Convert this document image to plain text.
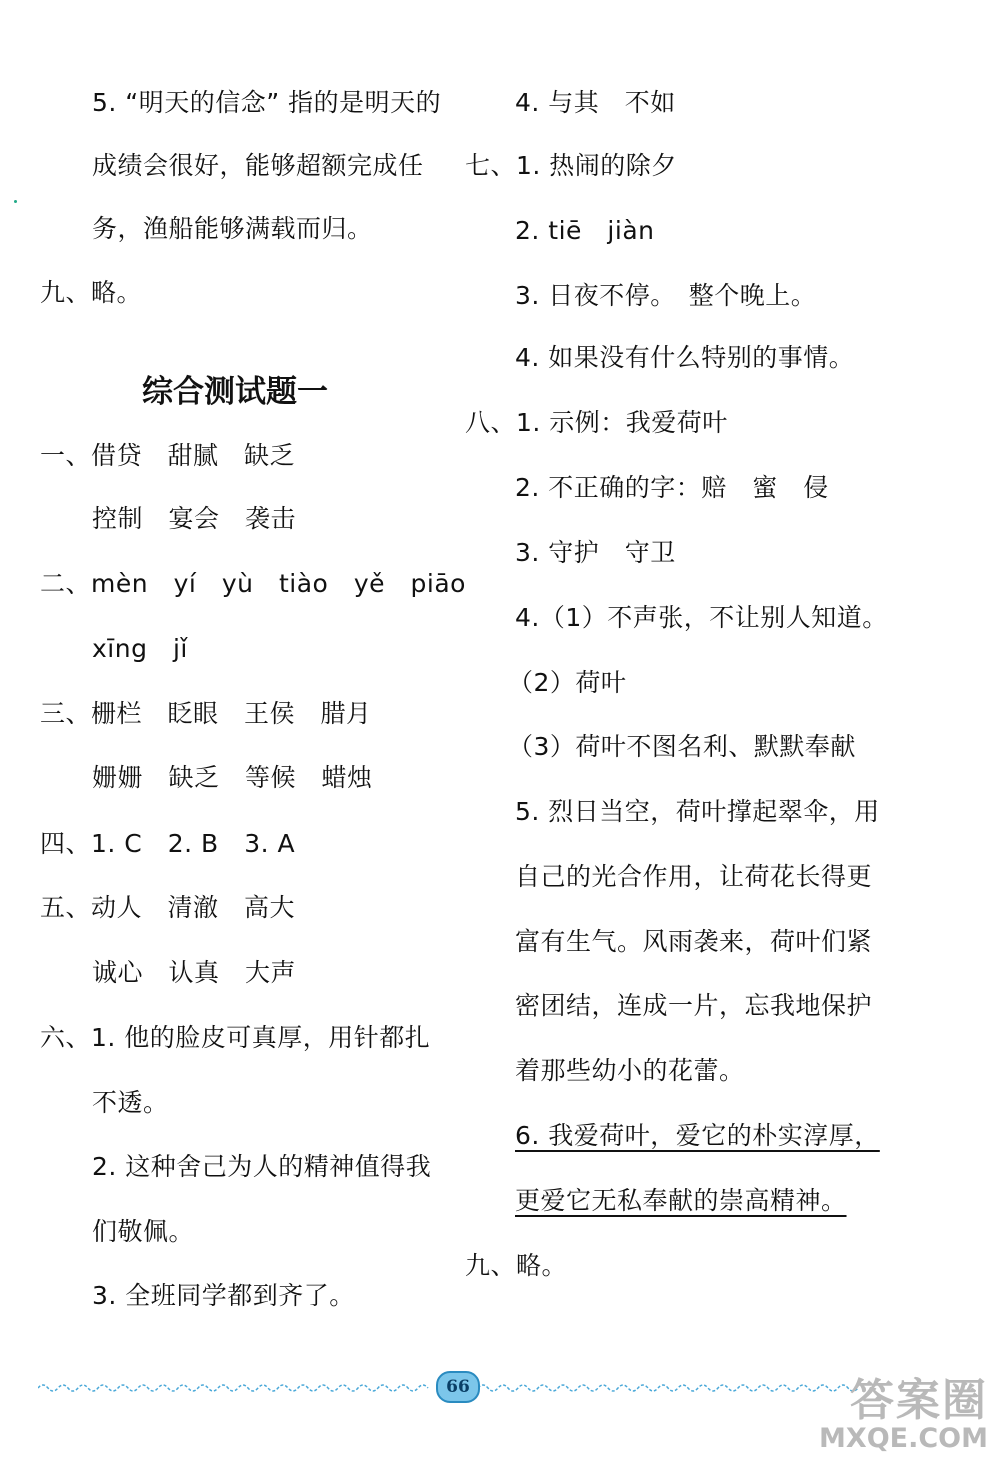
5. “明天的信念” 指的是明天的
成绩会很好，能够超额完成任
务，渔船能够满载而归。
九、略。
综合测试题一
一、借贷　甜腻　缺乏
控制　宴会　袭击
二、mèn　yí　yù　tiào　yě　piāo
xīng　jǐ
三、栅栏　眨眼　王侯　腊月
姗姗　缺乏　等候　蜡烛
四、1. C　2. B　3. A
五、动人　清澈　高大
诚心　认真　大声
六、1. 他的脸皮可真厚，用针都扎
不透。
2. 这种舍己为人的精神值得我
们敬佩。
3. 全班同学都到齐了。
4. 与其　不如
七、1. 热闹的除夕
2. tiē　jiàn
3. 日夜不停。　整个晚上。
4. 如果没有什么特别的事情。
八、1. 示例：我爱荷叶
2. 不正确的字：赔　蜜　侵
3. 守护　守卫
4.（1）不声张，不让别人知道。
（2）荷叶
（3）荷叶不图名利、默默奉献
5. 烈日当空，荷叶撑起翠伞，用
自己的光合作用，让荷花长得更
富有生气。风雨袭来，荷叶们紧
密团结，连成一片，忘我地保护
着那些幼小的花蕾。
6. 我爱荷叶，爱它的朴实淳厚，
更爱它无私奉献的崇高精神。
九、略。
66	答案圈
MXQE.COM
